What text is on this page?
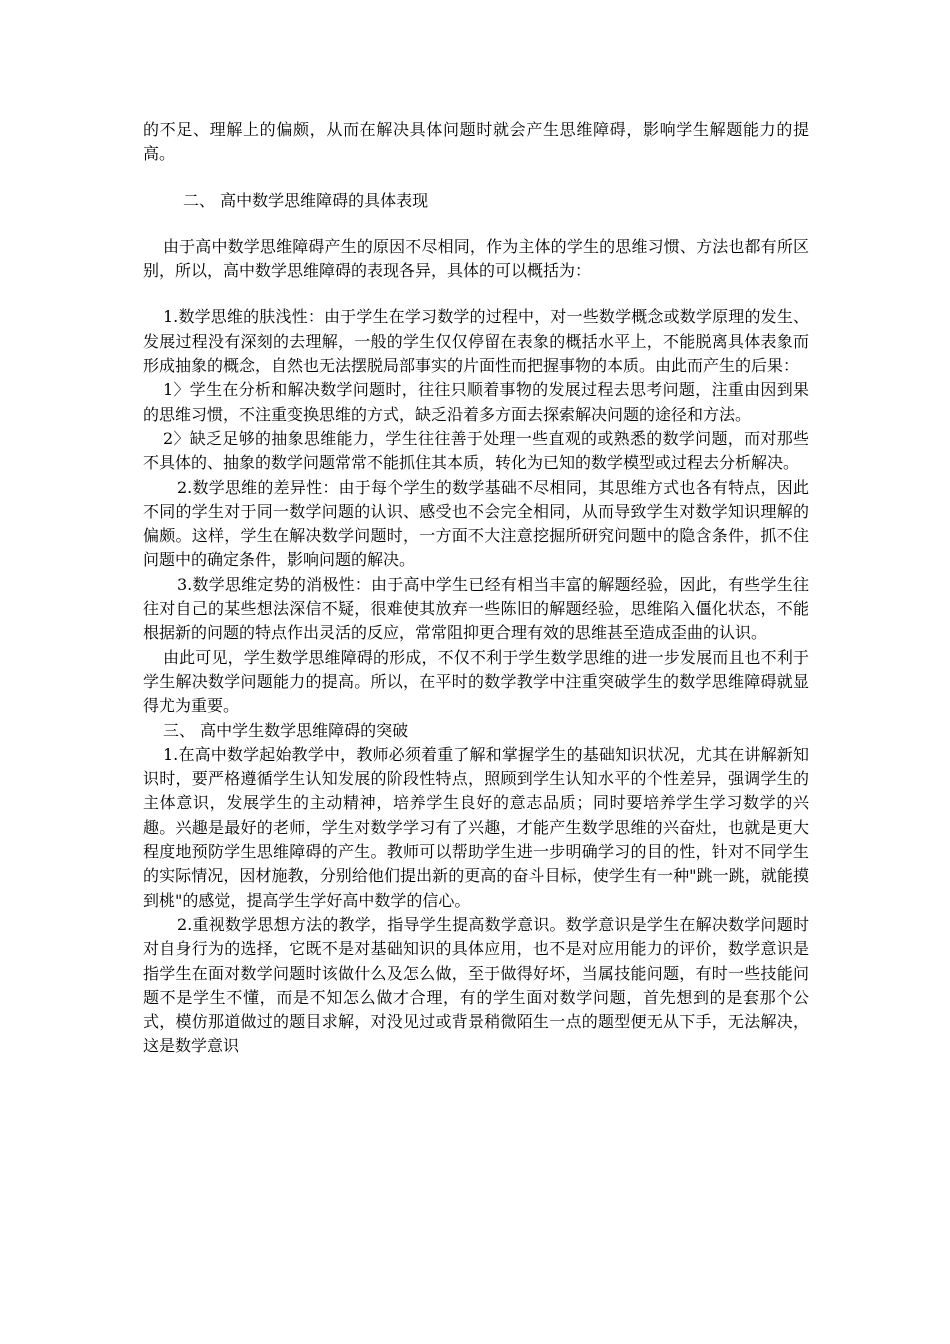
的不足、理解上的偏颇，从而在解决具体问题时就会产生思维障碍，影响学生解题能力的提高。

二、 高中数学思维障碍的具体表现

由于高中数学思维障碍产生的原因不尽相同，作为主体的学生的思维习惯、方法也都有所区别，所以，高中数学思维障碍的表现各异，具体的可以概括为：

1.数学思维的肤浅性：由于学生在学习数学的过程中，对一些数学概念或数学原理的发生、发展过程没有深刻的去理解，一般的学生仅仅停留在表象的概括水平上，不能脱离具体表象而形成抽象的概念，自然也无法摆脱局部事实的片面性而把握事物的本质。由此而产生的后果：

1〉学生在分析和解决数学问题时，往往只顺着事物的发展过程去思考问题，注重由因到果的思维习惯，不注重变换思维的方式，缺乏沿着多方面去探索解决问题的途径和方法。

2〉缺乏足够的抽象思维能力，学生往往善于处理一些直观的或熟悉的数学问题，而对那些不具体的、抽象的数学问题常常不能抓住其本质，转化为已知的数学模型或过程去分析解决。

2.数学思维的差异性：由于每个学生的数学基础不尽相同，其思维方式也各有特点，因此不同的学生对于同一数学问题的认识、感受也不会完全相同，从而导致学生对数学知识理解的偏颇。这样，学生在解决数学问题时，一方面不大注意挖掘所研究问题中的隐含条件，抓不住问题中的确定条件，影响问题的解决。

3.数学思维定势的消极性：由于高中学生已经有相当丰富的解题经验，因此，有些学生往往对自己的某些想法深信不疑，很难使其放弃一些陈旧的解题经验，思维陷入僵化状态，不能根据新的问题的特点作出灵活的反应，常常阻抑更合理有效的思维甚至造成歪曲的认识。

由此可见，学生数学思维障碍的形成，不仅不利于学生数学思维的进一步发展而且也不利于学生解决数学问题能力的提高。所以，在平时的数学教学中注重突破学生的数学思维障碍就显得尤为重要。

三、 高中学生数学思维障碍的突破

1.在高中数学起始教学中，教师必须着重了解和掌握学生的基础知识状况，尤其在讲解新知识时，要严格遵循学生认知发展的阶段性特点，照顾到学生认知水平的个性差异，强调学生的主体意识，发展学生的主动精神，培养学生良好的意志品质；同时要培养学生学习数学的兴趣。兴趣是最好的老师，学生对数学学习有了兴趣，才能产生数学思维的兴奋灶，也就是更大程度地预防学生思维障碍的产生。教师可以帮助学生进一步明确学习的目的性，针对不同学生的实际情况，因材施教，分别给他们提出新的更高的奋斗目标，使学生有一种"跳一跳，就能摸到桃"的感觉，提高学生学好高中数学的信心。

2.重视数学思想方法的教学，指导学生提高数学意识。数学意识是学生在解决数学问题时对自身行为的选择，它既不是对基础知识的具体应用，也不是对应用能力的评价，数学意识是指学生在面对数学问题时该做什么及怎么做，至于做得好坏，当属技能问题，有时一些技能问题不是学生不懂，而是不知怎么做才合理，有的学生面对数学问题，首先想到的是套那个公式，模仿那道做过的题目求解，对没见过或背景稍微陌生一点的题型便无从下手，无法解决，这是数学意识
